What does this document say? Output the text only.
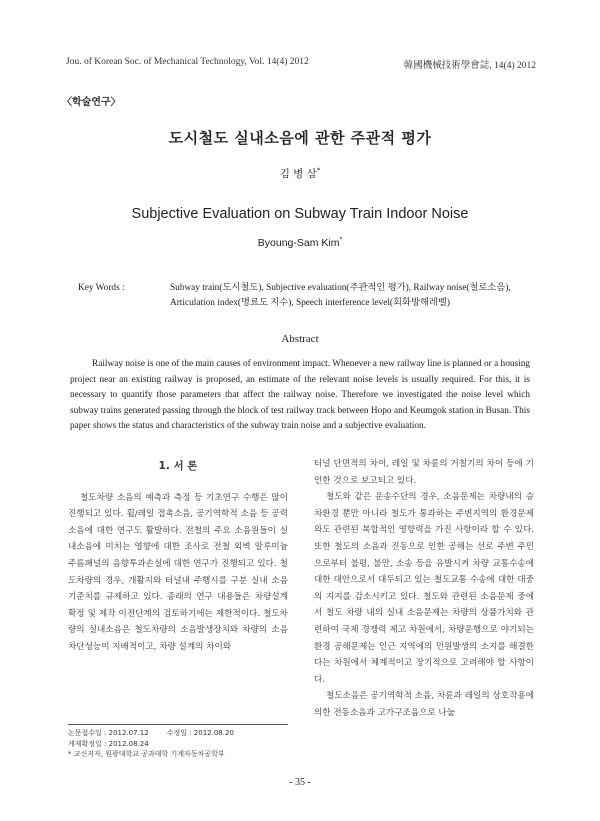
Jou. of Korean Soc. of Mechanical Technology, Vol. 14(4) 2012	韓國機械技術學會誌, 14(4) 2012
〈학술연구〉
도시철도 실내소음에 관한 주관적 평가
김 병 삼*
Subjective Evaluation on Subway Train Indoor Noise
Byoung-Sam Kim*
Key Words :	Subway train(도시철도), Subjective evaluation(주관적인 평가), Railway noise(철로소음),
Articulation index(명료도 지수), Speech interference level(회화방해레벨)
Abstract

Railway noise is one of the main causes of environment impact. Whenever a new railway line is planned or a housing project near an existing railway is proposed, an estimate of the relevant noise levels is usually required. For this, it is necessary to quantify those parameters that affect the railway noise. Therefore we investigated the noise level which subway trains generated passing through the block of test railway track between Hopo and Keumgok station in Busan. This paper shows the status and characteristics of the subway train noise and a subjective evaluation.

1. 서 론

철도차량 소음의 예측과 측정 등 기초연구 수행은 많이 진행되고 있다. 휠/레일 접촉소음, 공기역학적 소음 등 공력소음에 대한 연구도 활발하다. 전철의 주요 소음원들이 실내소음에 미치는 영향에 대한 조사로 전철 외벽 알루미늄 주름패널의 음향투과손실에 대한 연구가 진행되고 있다. 철도차량의 경우, 개활지와 터널내 주행시를 구분 실내 소음기준치를 규제하고 있다. 종래의 연구 내용들은 차량설계 확정 및 제작 이전단계의 검토하기에는 제한적이다. 철도차량의 실내소음은 철도차량의 소음발생장치와 차량의 소음차단성능이 지배적이고, 차량 설계의 차이와

터널 단면적의 차이, 레일 및 차륜의 거칠기의 차이 등에 기인한 것으로 보고되고 있다.

철도와 같은 운송수단의 경우, 소음문제는 차량내의 승차환경 뿐만 아니라 철도가 통과하는 주변지역의 환경문제와도 관련된 복합적인 영향력을 가진 사항이라 할 수 있다. 또한 철도의 소음과 진동으로 인한 공해는 선로 주변 주민으로부터 불평, 불만, 소송 등을 유발시켜 차량 교통수송에 대한 대안으로서 대두되고 있는 철도교통 수송에 대한 대중의 지지를 감소시키고 있다. 철도와 관련된 소음문제 중에서 철도 차량 내의 실내 소음문제는 차량의 상품가치와 관련하여 국제 경쟁력 제고 차원에서, 차량운행으로 야기되는 환경 공해문제는 인근 지역에의 민원발생의 소지를 해결한다는 차원에서 체계적이고 장기적으로 고려해야 할 사항이다.

철도소음은 공기역학적 소음, 차륜과 레일의 상호작용에 의한 전동소음과 고가구조음으로 나눌

논문접수일 : 2012.07.12	수정일 : 2012.08.20
게재확정일 : 2012.08.24
* 교신저자, 원광대학교 공과대학 기계자동차공학부
- 35 -
